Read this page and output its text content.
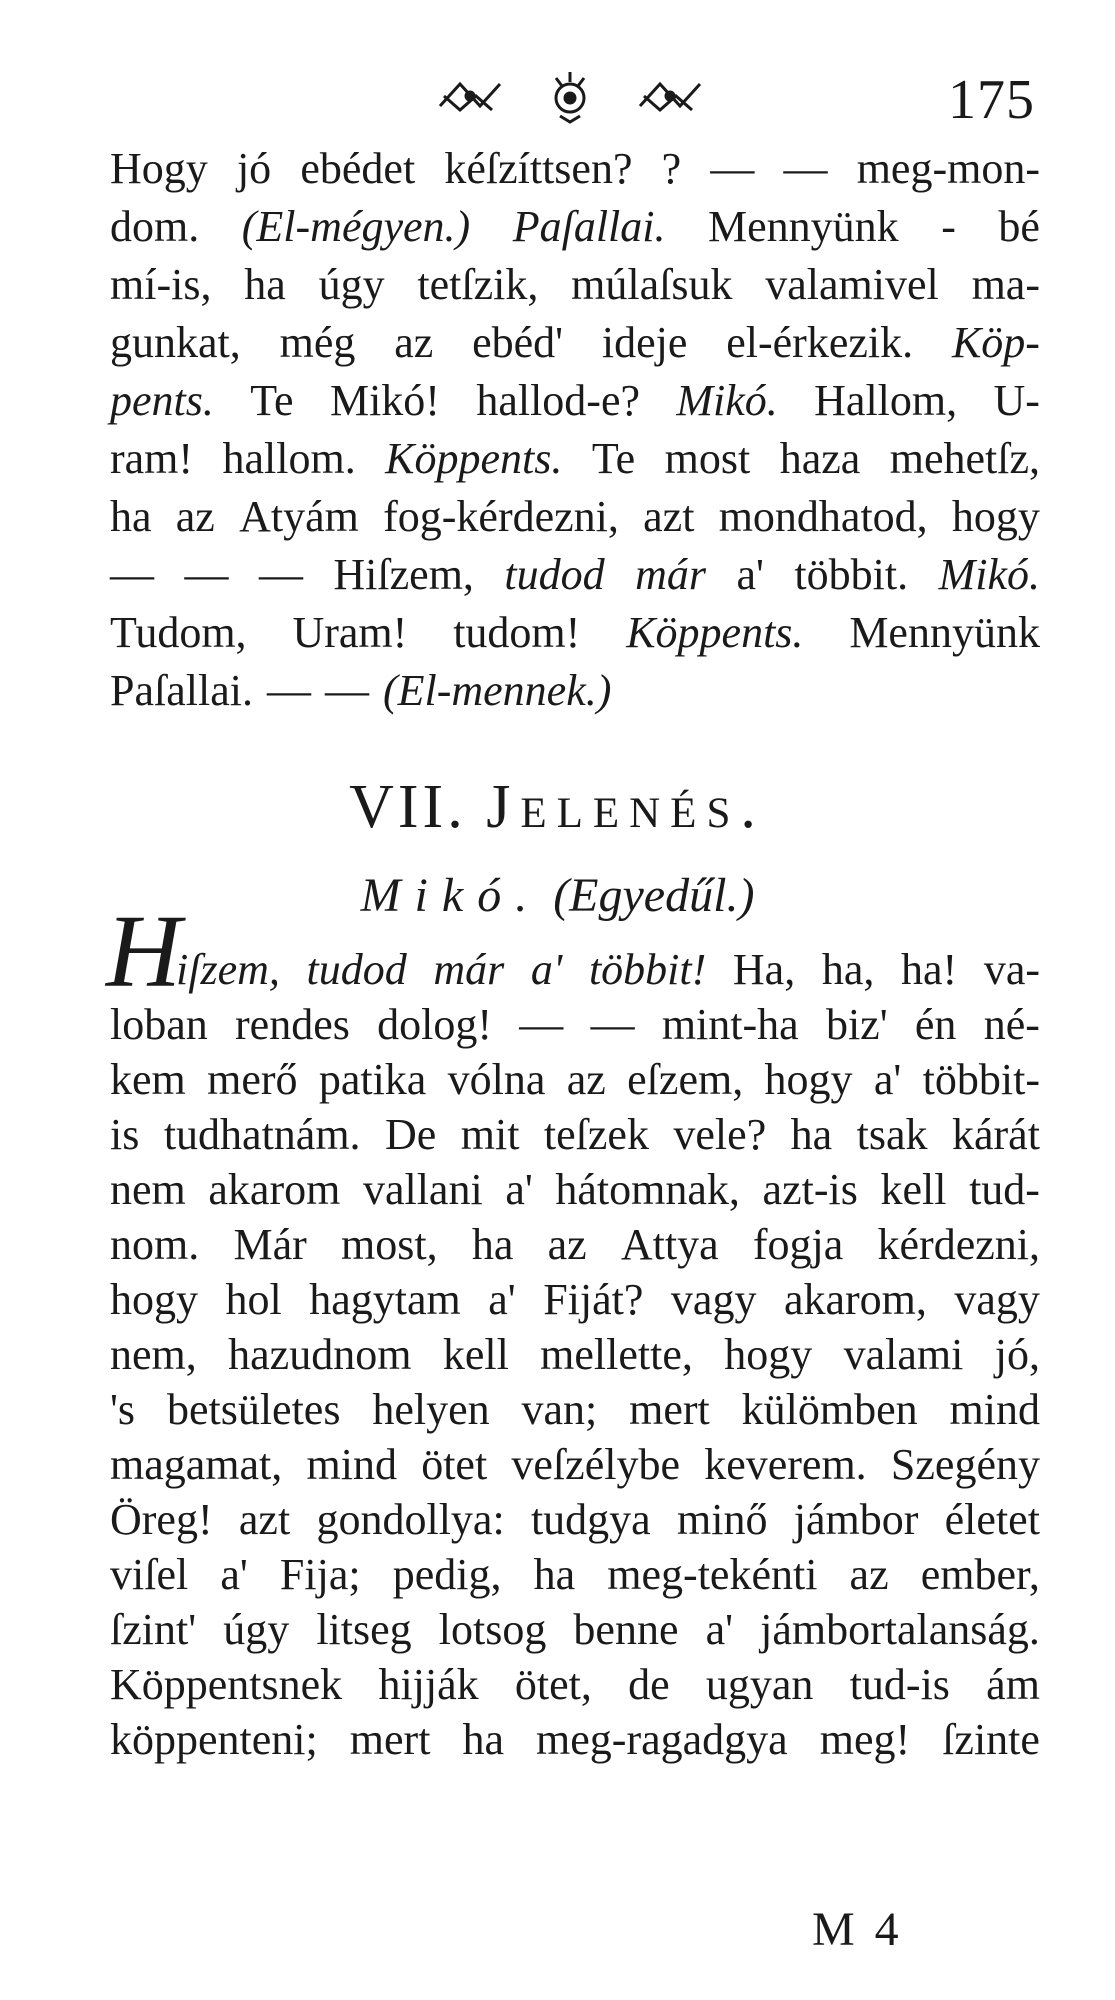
175
Hogy jó ebédet kéſzíttsen? ? — — meg-mon-
dom. (El-mégyen.) Paſallai. Mennyünk - bé
mí-is, ha úgy tetſzik, múlaſsuk valamivel ma-
gunkat, még az ebéd' ideje el-érkezik. Köp-
pents. Te Mikó! hallod-e? Mikó. Hallom, U-
ram! hallom. Köppents. Te most haza mehetſz,
ha az Atyám fog-kérdezni, azt mondhatod, hogy
— — — Hiſzem, tudod már a' többit. Mikó.
Tudom, Uram! tudom! Köppents. Mennyünk
Paſallai. — — (El-mennek.)
VII. Jelenés.
Mikó. (Egyedűl.)
H
iſzem, tudod már a' többit! Ha, ha, ha! va-
loban rendes dolog! — — mint-ha biz' én né-
kem merő patika vólna az eſzem, hogy a' többit-
is tudhatnám. De mit teſzek vele? ha tsak kárát
nem akarom vallani a' hátomnak, azt-is kell tud-
nom. Már most, ha az Attya fogja kérdezni,
hogy hol hagytam a' Fiját? vagy akarom, vagy
nem, hazudnom kell mellette, hogy valami jó,
's betsületes helyen van; mert külömben mind
magamat, mind ötet veſzélybe keverem. Szegény
Öreg! azt gondollya: tudgya minő jámbor életet
viſel a' Fija; pedig, ha meg-tekénti az ember,
ſzint' úgy litseg lotsog benne a' jámbortalanság.
Köppentsnek hijják ötet, de ugyan tud-is ám
köppenteni; mert ha meg-ragadgya meg! ſzinte
M 4
